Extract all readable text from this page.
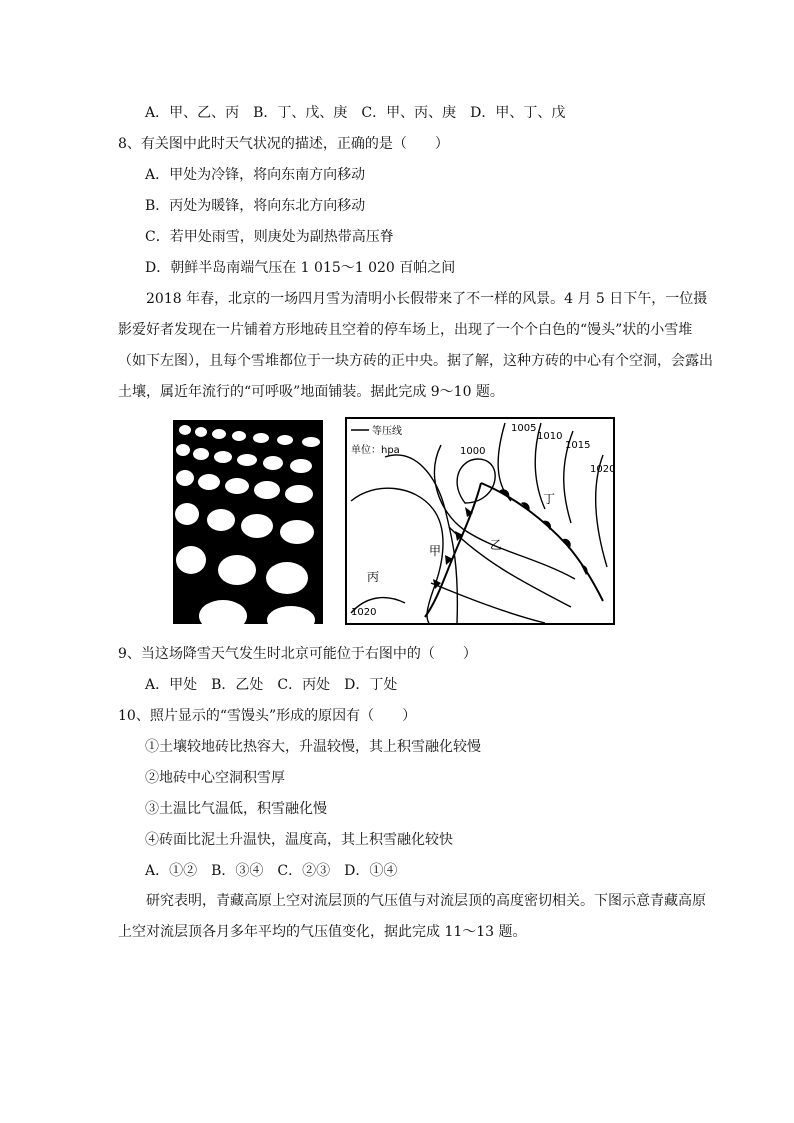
A．甲、乙、丙　B．丁、戊、庚　C．甲、丙、庚　D．甲、丁、戊
8、有关图中此时天气状况的描述，正确的是（　　）
A．甲处为冷锋，将向东南方向移动
B．丙处为暖锋，将向东北方向移动
C．若甲处雨雪，则庚处为副热带高压脊
D．朝鲜半岛南端气压在 1 015～1 020 百帕之间
2018 年春，北京的一场四月雪为清明小长假带来了不一样的风景。4 月 5 日下午，一位摄影爱好者发现在一片铺着方形地砖且空着的停车场上，出现了一个个白色的“馒头”状的小雪堆（如下左图），且每个雪堆都位于一块方砖的正中央。据了解，这种方砖的中心有个空洞，会露出土壤，属近年流行的“可呼吸”地面铺装。据此完成 9～10 题。
等压线
单位：hpa	1000
1005
1010
1015
1020
1020
甲	乙
丙
丁
9、当这场降雪天气发生时北京可能位于右图中的（　　）
A．甲处　B．乙处　C．丙处　D．丁处
10、照片显示的“雪馒头”形成的原因有（　　）
①土壤较地砖比热容大，升温较慢，其上积雪融化较慢
②地砖中心空洞积雪厚
③土温比气温低，积雪融化慢
④砖面比泥土升温快，温度高，其上积雪融化较快
A．①②　B．③④　C．②③　D．①④
研究表明，青藏高原上空对流层顶的气压值与对流层顶的高度密切相关。下图示意青藏高原上空对流层顶各月多年平均的气压值变化，据此完成 11～13 题。
